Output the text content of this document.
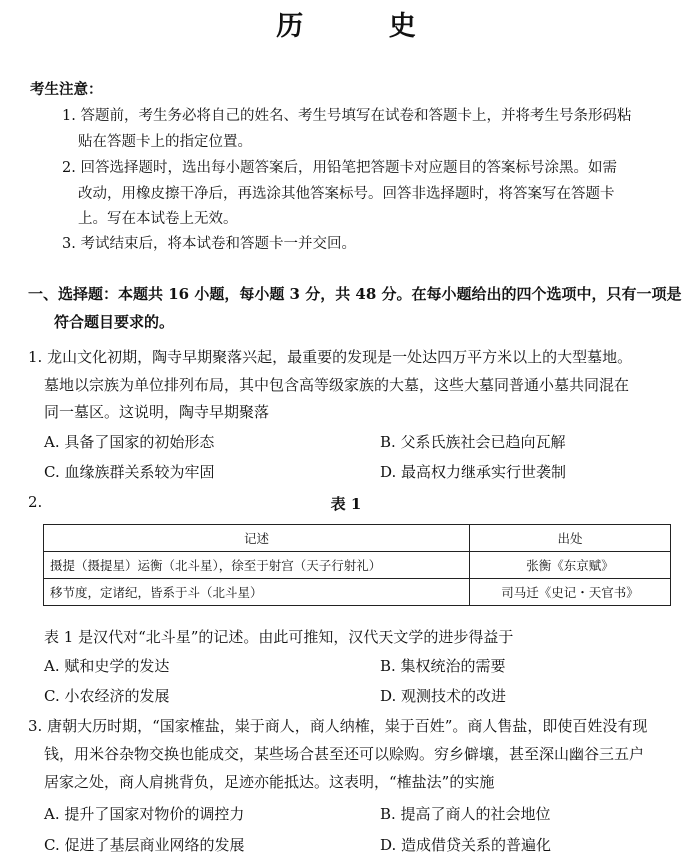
历 史
考生注意：
1. 答题前，考生务必将自己的姓名、考生号填写在试卷和答题卡上，并将考生号条形码粘
贴在答题卡上的指定位置。
2. 回答选择题时，选出每小题答案后，用铅笔把答题卡对应题目的答案标号涂黑。如需
改动，用橡皮擦干净后，再选涂其他答案标号。回答非选择题时，将答案写在答题卡
上。写在本试卷上无效。
3. 考试结束后，将本试卷和答题卡一并交回。
一、选择题：本题共 16 小题，每小题 3 分，共 48 分。在每小题给出的四个选项中，只有一项是
符合题目要求的。
1. 龙山文化初期，陶寺早期聚落兴起，最重要的发现是一处达四万平方米以上的大型墓地。
墓地以宗族为单位排列布局，其中包含高等级家族的大墓，这些大墓同普通小墓共同混在
同一墓区。这说明，陶寺早期聚落
A. 具备了国家的初始形态	B. 父系氏族社会已趋向瓦解
C. 血缘族群关系较为牢固	D. 最高权力继承实行世袭制
2.	表 1
记述	出处
摄提（摄提星）运衡（北斗星），徐至于射宫（天子行射礼）	张衡《东京赋》
移节度，定诸纪，皆系于斗（北斗星）	司马迁《史记・天官书》
表 1 是汉代对“北斗星”的记述。由此可推知，汉代天文学的进步得益于
A. 赋和史学的发达	B. 集权统治的需要
C. 小农经济的发展	D. 观测技术的改进
3. 唐朝大历时期，“国家榷盐，粜于商人，商人纳榷，粜于百姓”。商人售盐，即使百姓没有现
钱，用米谷杂物交换也能成交，某些场合甚至还可以赊购。穷乡僻壤，甚至深山幽谷三五户
居家之处，商人肩挑背负，足迹亦能抵达。这表明，“榷盐法”的实施
A. 提升了国家对物价的调控力	B. 提高了商人的社会地位
C. 促进了基层商业网络的发展	D. 造成借贷关系的普遍化
